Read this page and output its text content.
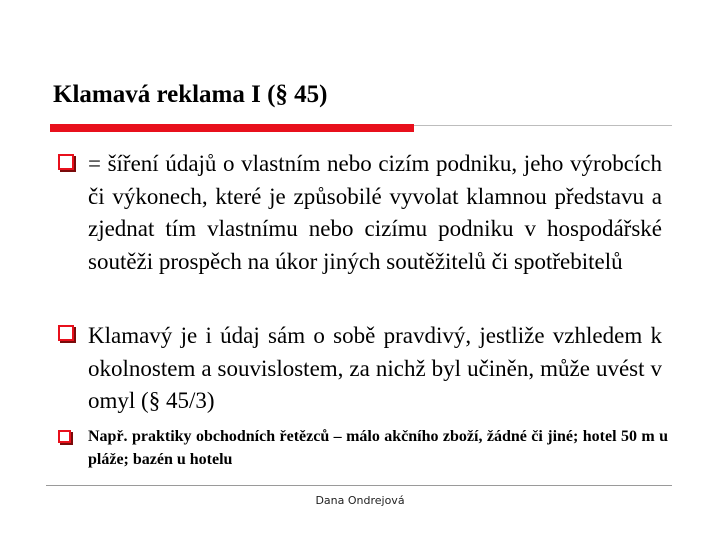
Klamavá reklama I (§ 45)
= šíření údajů o vlastním nebo cizím podniku, jeho výrobcích či výkonech, které je způsobilé vyvolat klamnou představu a zjednat tím vlastnímu nebo cizímu podniku v hospodářské soutěži prospěch na úkor jiných soutěžitelů či spotřebitelů
Klamavý je i údaj sám o sobě pravdivý, jestliže vzhledem k okolnostem a souvislostem, za nichž byl učiněn, může uvést v omyl (§ 45/3)
Např. praktiky obchodních řetězců – málo akčního zboží, žádné či jiné; hotel 50 m u pláže; bazén u hotelu
Dana Ondrejová
